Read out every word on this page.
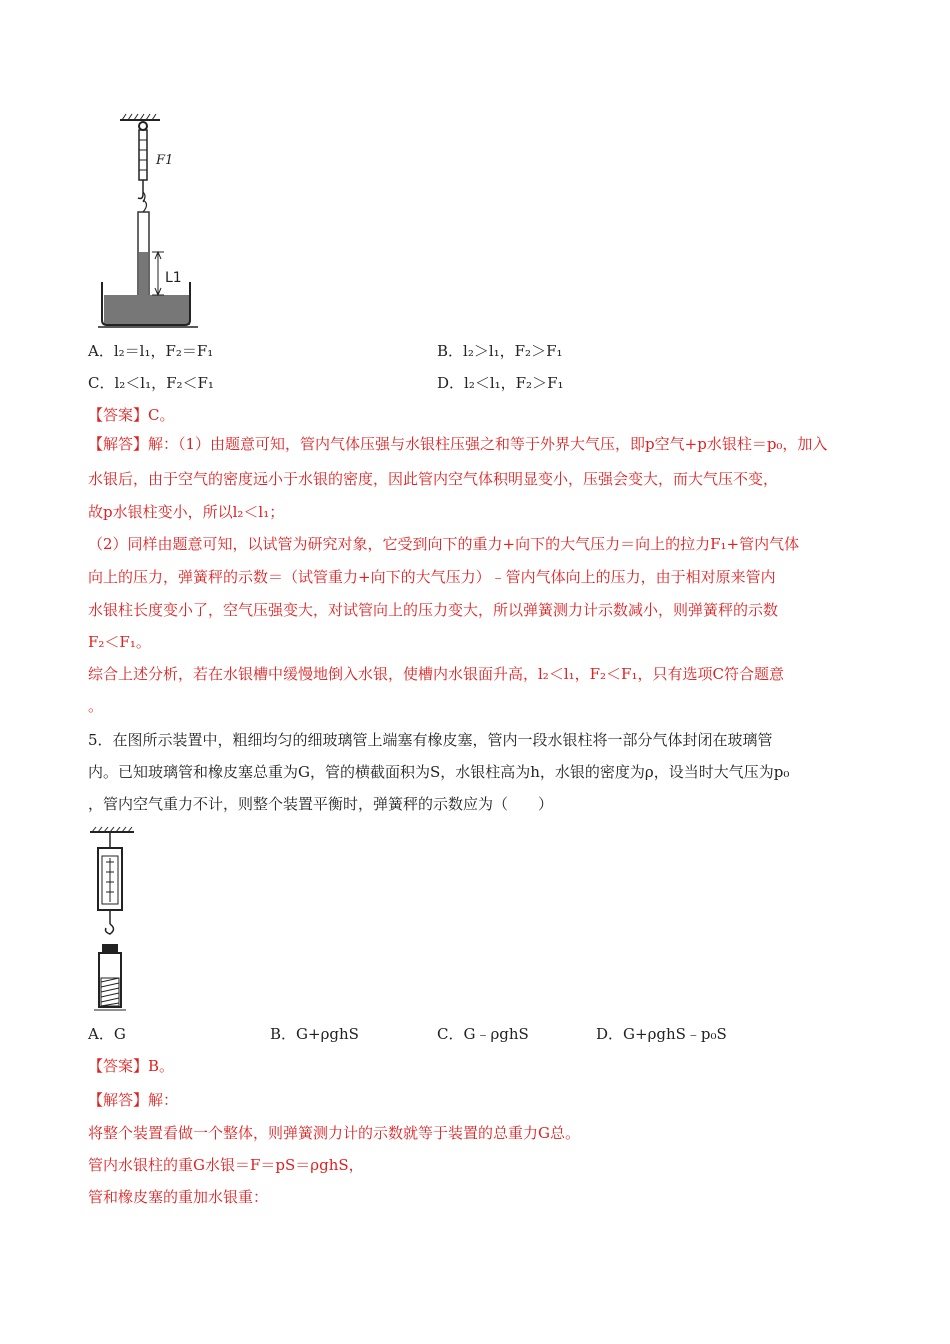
F1
L1
A．l₂＝l₁，F₂＝F₁	B．l₂＞l₁，F₂＞F₁
C．l₂＜l₁，F₂＜F₁	D．l₂＜l₁，F₂＞F₁
【答案】C。
【解答】解：（1）由题意可知，管内气体压强与水银柱压强之和等于外界大气压，即p空气+p水银柱＝p₀，加入
水银后，由于空气的密度远小于水银的密度，因此管内空气体积明显变小，压强会变大，而大气压不变，
故p水银柱变小，所以l₂＜l₁；
（2）同样由题意可知，以试管为研究对象，它受到向下的重力+向下的大气压力＝向上的拉力F₁+管内气体
向上的压力，弹簧秤的示数＝（试管重力+向下的大气压力）﹣管内气体向上的压力，由于相对原来管内
水银柱长度变小了，空气压强变大，对试管向上的压力变大，所以弹簧测力计示数减小，则弹簧秤的示数
F₂＜F₁。
综合上述分析，若在水银槽中缓慢地倒入水银，使槽内水银面升高，l₂＜l₁，F₂＜F₁，只有选项C符合题意
。
5．在图所示装置中，粗细均匀的细玻璃管上端塞有橡皮塞，管内一段水银柱将一部分气体封闭在玻璃管
内。已知玻璃管和橡皮塞总重为G，管的横截面积为S，水银柱高为h，水银的密度为ρ，设当时大气压为p₀
，管内空气重力不计，则整个装置平衡时，弹簧秤的示数应为（　　）
A．G	B．G+ρghS	C．G﹣ρghS	D．G+ρghS﹣p₀S
【答案】B。
【解答】解：
将整个装置看做一个整体，则弹簧测力计的示数就等于装置的总重力G总。
管内水银柱的重G水银＝F＝pS＝ρghS，
管和橡皮塞的重加水银重：
